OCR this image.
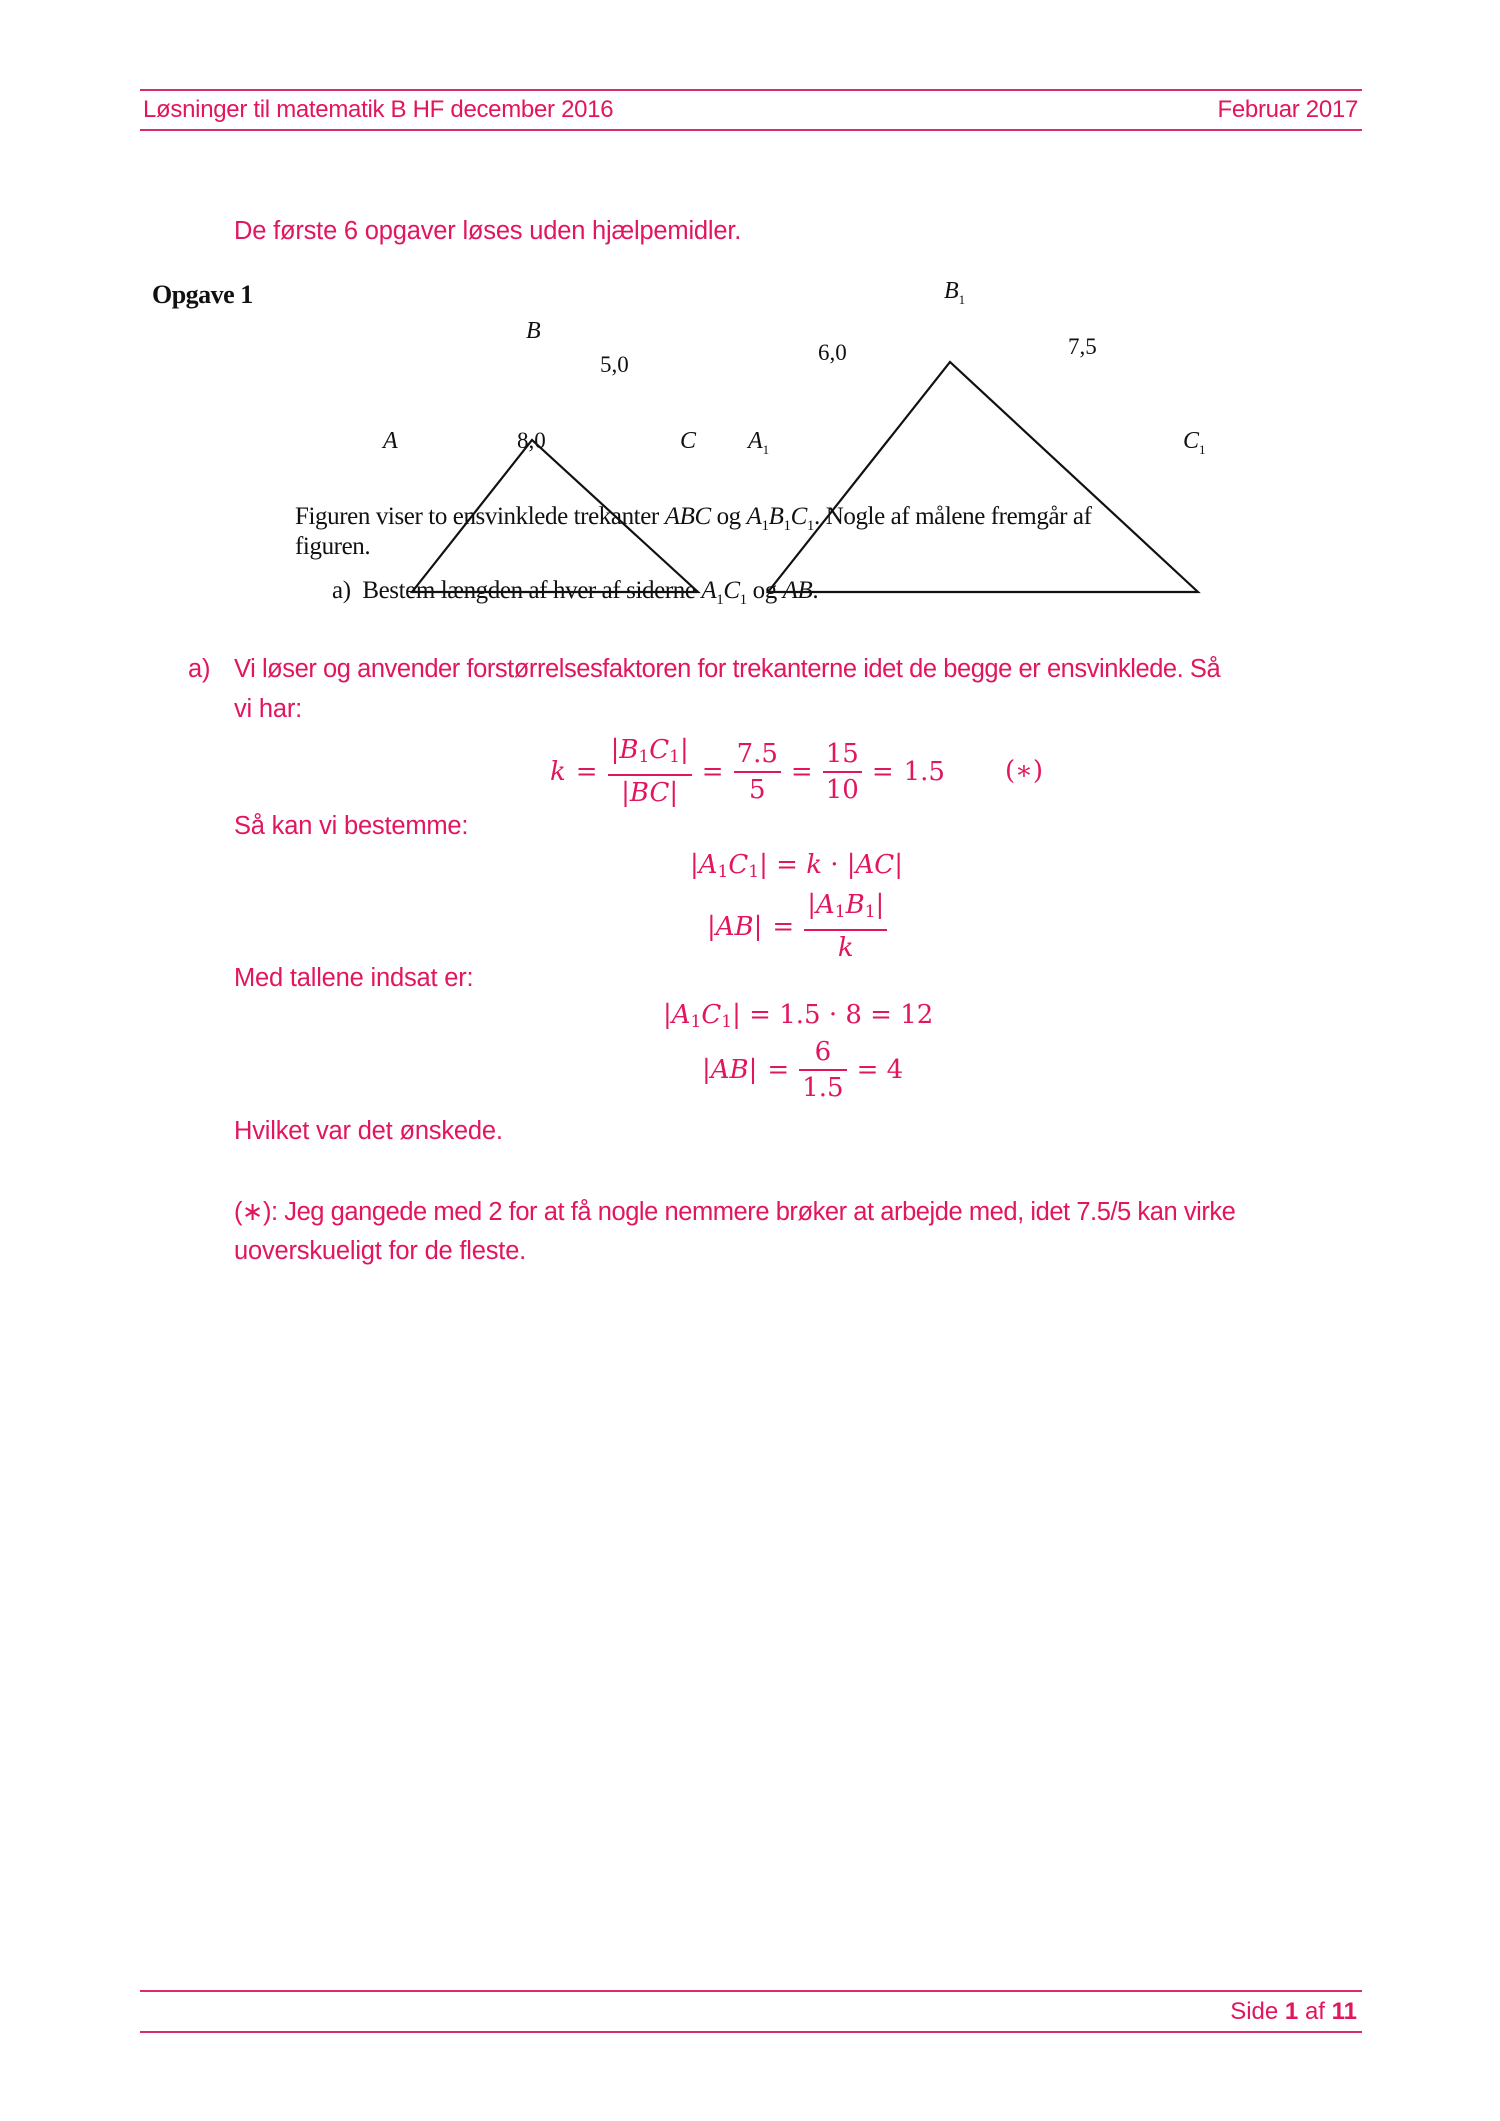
Løsninger til matematik B HF december 2016	Februar 2017
De første 6 opgaver løses uden hjælpemidler.
Opgave 1
A
B
C
5,0
8,0	$A_1$
$B_1$
$C_1$
6,0	7,5
Figuren viser to ensvinklede trekanter ABC og $A_1B_1C_1$. Nogle af målene fremgår af
figuren.
a) Bestem længden af hver af siderne $A_1C_1$ og AB.
a) Vi løser og anvender forstørrelsesfaktoren for trekanterne idet de begge er ensvinklede. Så
vi har:
$k = \frac{|B_1C_1|}{|BC|} = \frac{7.5}{5} = \frac{15}{10} = 1.5$ (∗)
Så kan vi bestemme:
$|A_1C_1| = k \cdot |AC|$
$|AB| = \frac{|A_1B_1|}{k}$
Med tallene indsat er:
$|A_1C_1| = 1.5 \cdot 8 = 12$
$|AB| = \frac{6}{1.5} = 4$
Hvilket var det ønskede.
(∗): Jeg gangede med 2 for at få nogle nemmere brøker at arbejde med, idet 7.5/5 kan virke
uoverskueligt for de fleste.
Side 1 af 11
